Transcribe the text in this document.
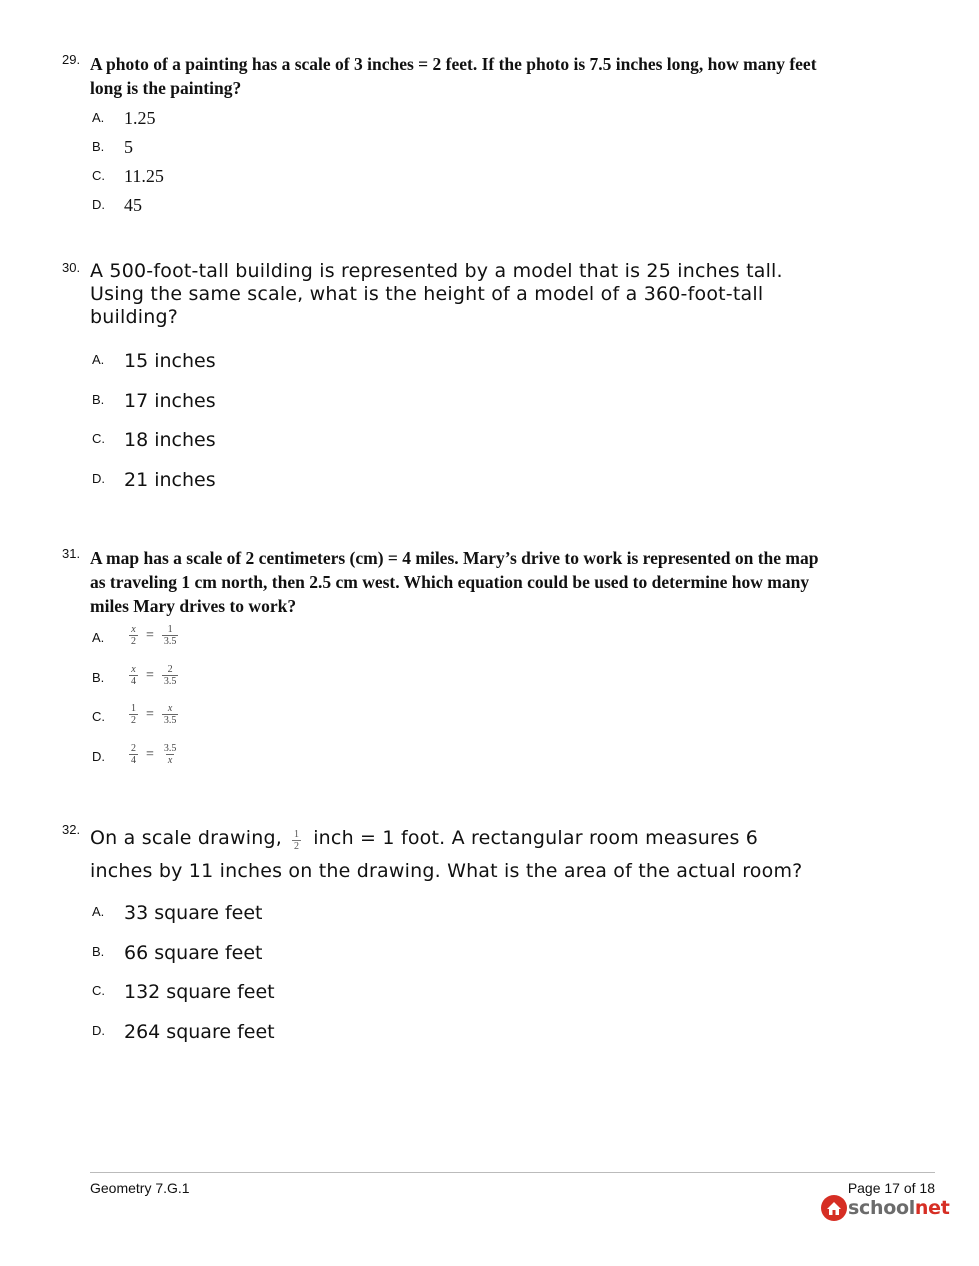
29. A photo of a painting has a scale of 3 inches = 2 feet. If the photo is 7.5 inches long, how many feet long is the painting?
A. 1.25
B. 5
C. 11.25
D. 45
30. A 500-foot-tall building is represented by a model that is 25 inches tall.
Using the same scale, what is the height of a model of a 360-foot-tall
building?
A. 15 inches
B. 17 inches
C. 18 inches
D. 21 inches
31. A map has a scale of 2 centimeters (cm) = 4 miles. Mary’s drive to work is represented on the map as traveling 1 cm north, then 2.5 cm west. Which equation could be used to determine how many miles Mary drives to work?
A. $\frac{x}{2} = \frac{1}{3.5}$
B. $\frac{x}{4} = \frac{2}{3.5}$
C. $\frac{1}{2} = \frac{x}{3.5}$
D. $\frac{2}{4} = \frac{3.5}{x}$
32. On a scale drawing, $\frac{1}{2}$ inch = 1 foot. A rectangular room measures 6
inches by 11 inches on the drawing. What is the area of the actual room?
A. 33 square feet
B. 66 square feet
C. 132 square feet
D. 264 square feet
Geometry 7.G.1	Page 17 of 18
schoolnet
